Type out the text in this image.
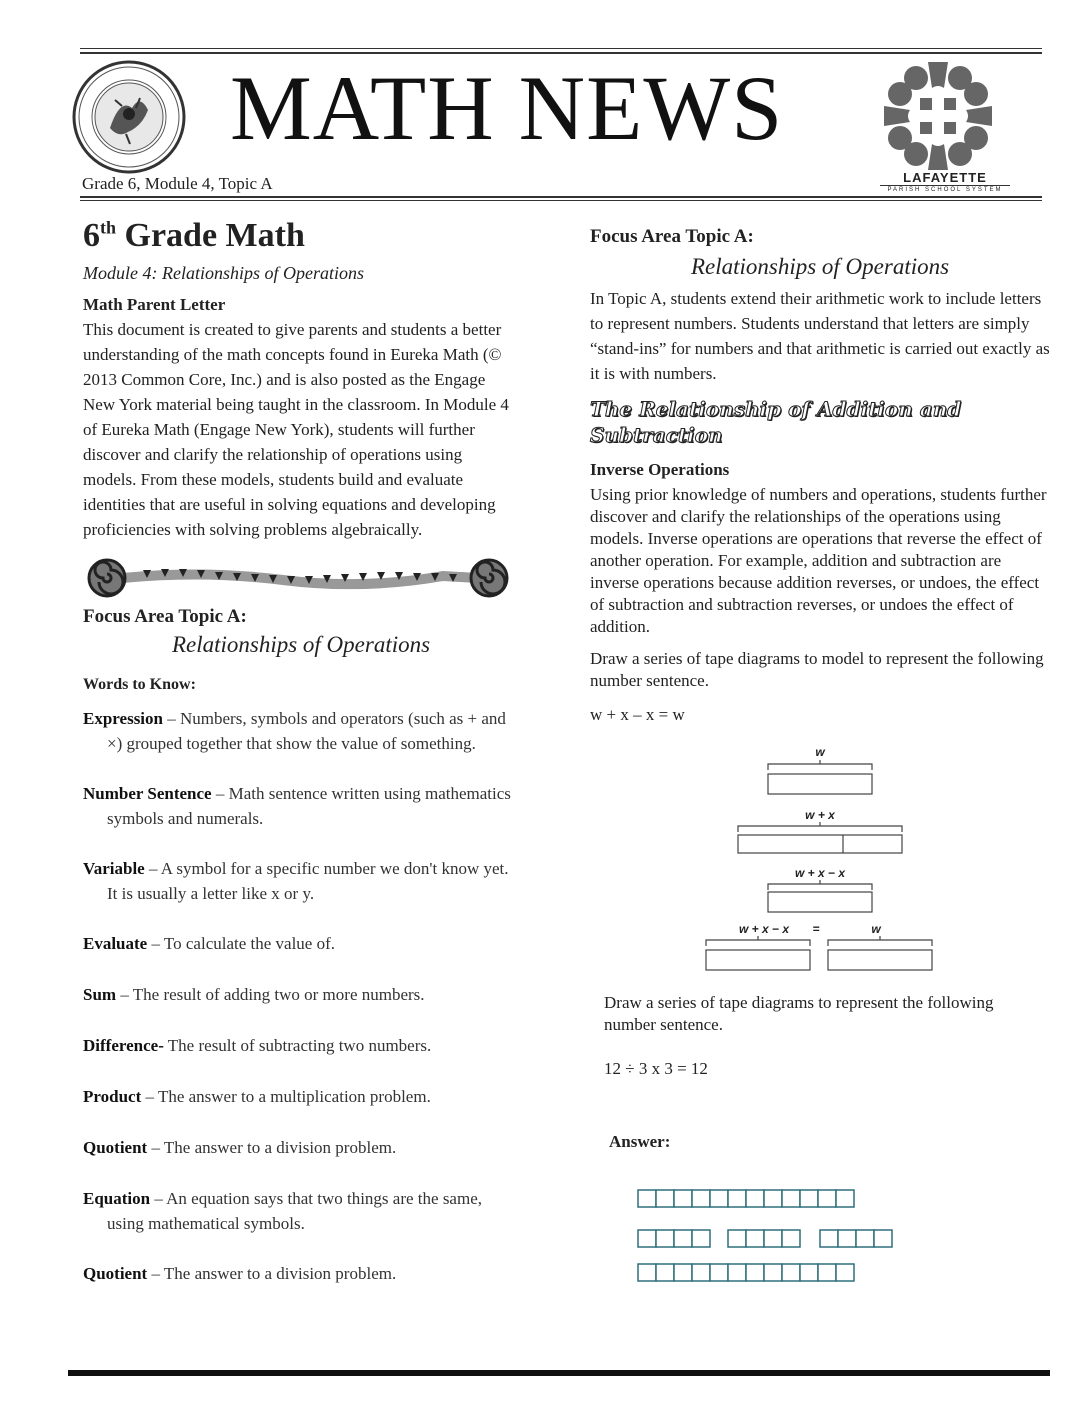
MATH NEWS
LAFAYETTE
PARISH SCHOOL SYSTEM
Grade 6, Module 4, Topic A
6th Grade Math
Module 4: Relationships of Operations
Math Parent Letter

This document is created to give parents and students a better understanding of the math concepts found in Eureka Math (© 2013 Common Core, Inc.) and is also posted as the Engage New York material being taught in the classroom. In Module 4 of Eureka Math (Engage New York), students will further discover and clarify the relationship of operations using models. From these models, students build and evaluate identities that are useful in solving equations and developing proficiencies with solving problems algebraically.

Focus Area Topic A:
Relationships of Operations
Words to Know:
Expression – Numbers, symbols and operators (such as + and ×) grouped together that show the value of something.
Number Sentence – Math sentence written using mathematics symbols and numerals.
Variable – A symbol for a specific number we don't know yet. It is usually a letter like x or y.
Evaluate – To calculate the value of.
Sum – The result of adding two or more numbers.
Difference- The result of subtracting two numbers.
Product – The answer to a multiplication problem.
Quotient – The answer to a division problem.
Equation – An equation says that two things are the same, using mathematical symbols.
Quotient – The answer to a division problem.
Focus Area Topic A:
Relationships of Operations

In Topic A, students extend their arithmetic work to include letters to represent numbers. Students understand that letters are simply “stand-ins” for numbers and that arithmetic is carried out exactly as it is with numbers.

The Relationship of Addition and Subtraction
Inverse Operations

Using prior knowledge of numbers and operations, students further discover and clarify the relationships of the operations using models. Inverse operations are operations that reverse the effect of another operation. For example, addition and subtraction are inverse operations because addition reverses, or undoes, the effect of subtraction and subtraction reverses, or undoes the effect of addition.

Draw a series of tape diagrams to model to represent the following number sentence.

w + x – x = w

w
w + x
w + x − x
w + x − x =	w
Draw a series of tape diagrams to represent the following number sentence.
12 ÷ 3 x 3 = 12
Answer:
